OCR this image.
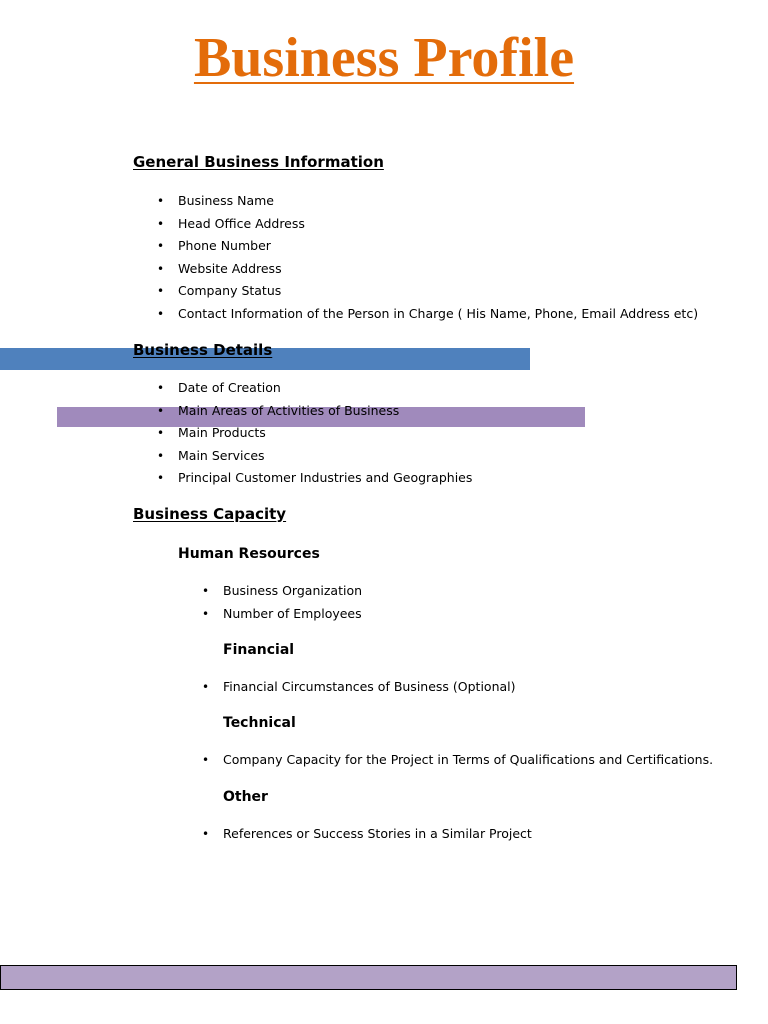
Business Profile
General Business Information
• Business Name
• Head Office Address
• Phone Number
• Website Address
• Company Status
• Contact Information of the Person in Charge ( His Name, Phone, Email Address etc)
Business Details
• Date of Creation
• Main Areas of Activities of Business
• Main Products
• Main Services
• Principal Customer Industries and Geographies
Business Capacity
Human Resources
• Business Organization
• Number of Employees
Financial
• Financial Circumstances of Business (Optional)
Technical
• Company Capacity for the Project in Terms of Qualifications and Certifications.
Other
• References or Success Stories in a Similar Project
